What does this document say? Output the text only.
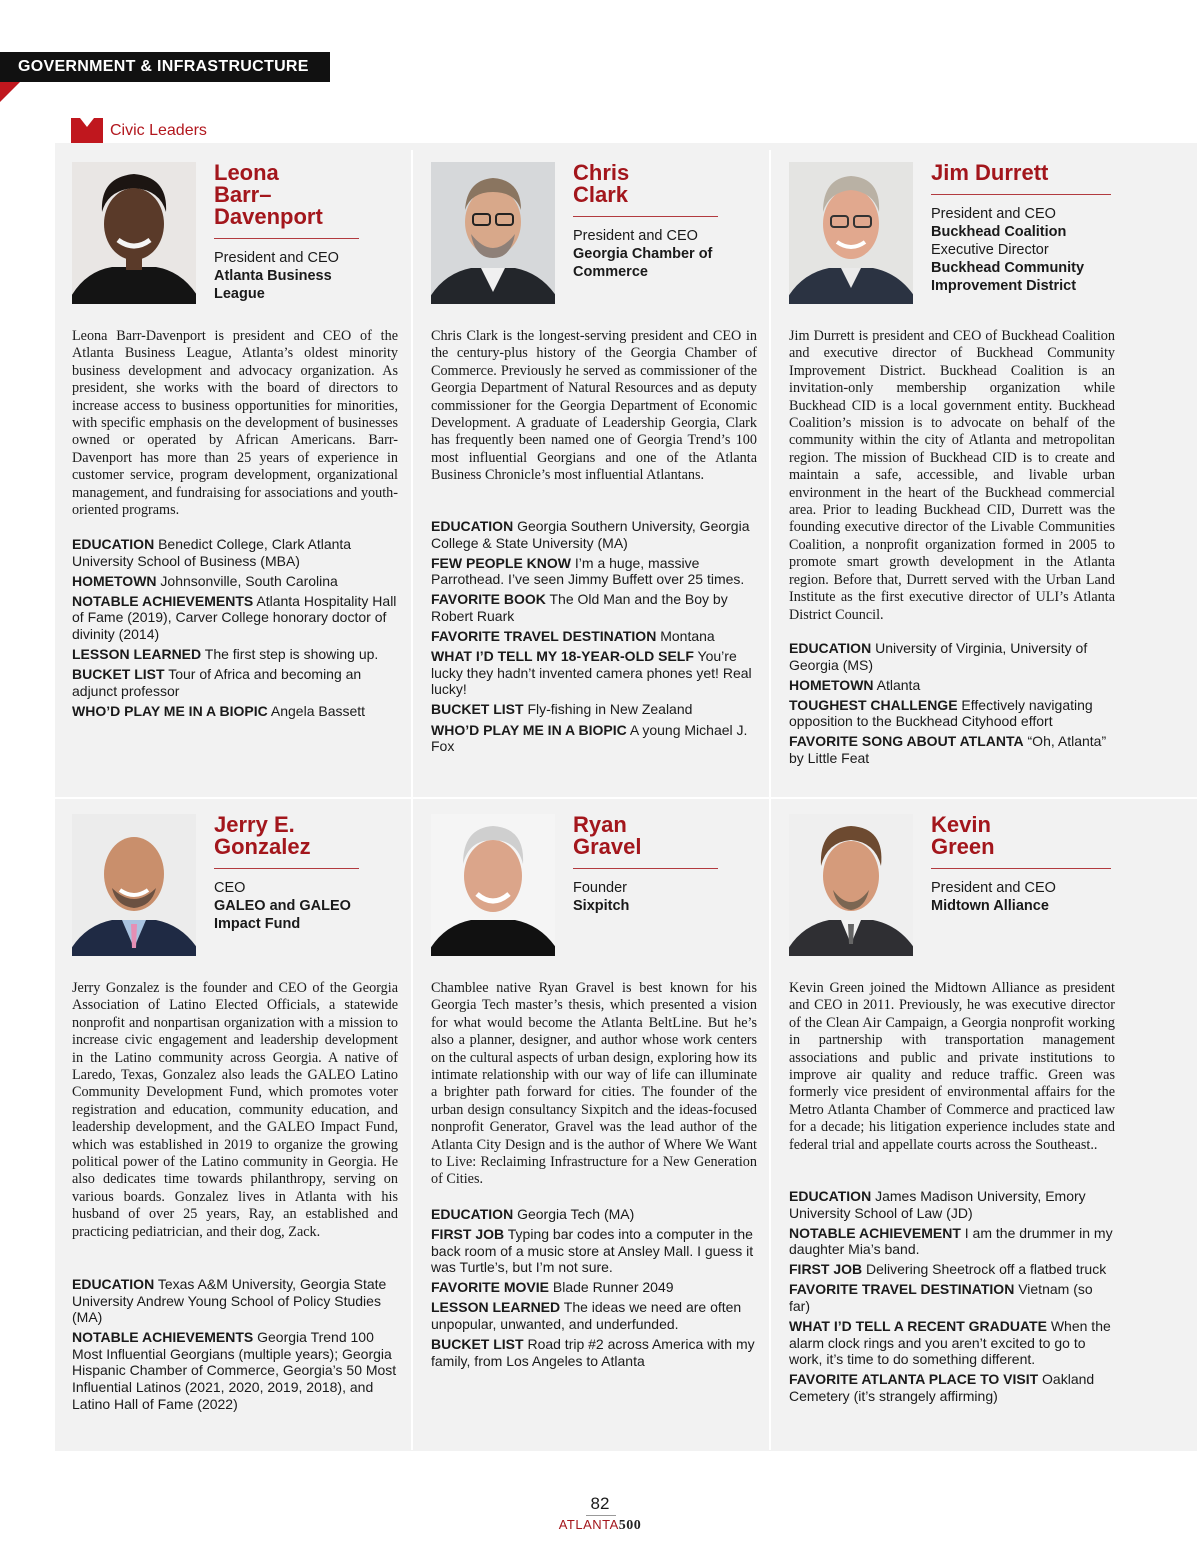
GOVERNMENT & INFRASTRUCTURE
Civic Leaders
Leona
Barr–
Davenport
President and CEO
Atlanta Business League

Leona Barr-Davenport is president and CEO of the Atlanta Business League, Atlanta’s oldest minority business development and advocacy organization. As president, she works with the board of directors to increase access to business opportunities for minorities, with specific emphasis on the development of businesses owned or operated by African Americans. Barr-Davenport has more than 25 years of experience in customer service, program development, organizational management, and fundraising for associations and youth-oriented programs.

EDUCATION Benedict College, Clark Atlanta University School of Business (MBA)

HOMETOWN Johnsonville, South Carolina

NOTABLE ACHIEVEMENTS Atlanta Hospitality Hall of Fame (2019), Carver College honorary doctor of divinity (2014)

LESSON LEARNED The first step is showing up.

BUCKET LIST Tour of Africa and becoming an adjunct professor

WHO’D PLAY ME IN A BIOPIC Angela Bassett

Chris
Clark
President and CEO
Georgia Chamber of Commerce

Chris Clark is the longest-serving president and CEO in the century-plus history of the Georgia Chamber of Commerce. Previously he served as commissioner of the Georgia Department of Natural Resources and as deputy commissioner for the Georgia Department of Economic Development. A graduate of Leadership Georgia, Clark has frequently been named one of Georgia Trend’s 100 most influential Georgians and one of the Atlanta Business Chronicle’s most influential Atlantans.

EDUCATION Georgia Southern University, Georgia College & State University (MA)

FEW PEOPLE KNOW I’m a huge, massive Parrothead. I’ve seen Jimmy Buffett over 25 times.

FAVORITE BOOK The Old Man and the Boy by Robert Ruark

FAVORITE TRAVEL DESTINATION Montana

WHAT I’D TELL MY 18-YEAR-OLD SELF You’re lucky they hadn’t invented camera phones yet! Real lucky!

BUCKET LIST Fly-fishing in New Zealand

WHO’D PLAY ME IN A BIOPIC A young Michael J. Fox

Jim Durrett
President and CEO
Buckhead Coalition
Executive Director
Buckhead Community Improvement District

Jim Durrett is president and CEO of Buckhead Coalition and executive director of Buckhead Community Improvement District. Buckhead Coalition is an invitation-only membership organization while Buckhead CID is a local government entity. Buckhead Coalition’s mission is to advocate on behalf of the community within the city of Atlanta and metropolitan region. The mission of Buckhead CID is to create and maintain a safe, accessible, and livable urban environment in the heart of the Buckhead commercial area. Prior to leading Buckhead CID, Durrett was the founding executive director of the Livable Communities Coalition, a nonprofit organization formed in 2005 to promote smart growth development in the Atlanta region. Before that, Durrett served with the Urban Land Institute as the first executive director of ULI’s Atlanta District Council.

EDUCATION University of Virginia, University of Georgia (MS)

HOMETOWN Atlanta

TOUGHEST CHALLENGE Effectively navigating opposition to the Buckhead Cityhood effort

FAVORITE SONG ABOUT ATLANTA “Oh, Atlanta” by Little Feat

Jerry E.
Gonzalez
CEO
GALEO and GALEO Impact Fund

Jerry Gonzalez is the founder and CEO of the Georgia Association of Latino Elected Officials, a statewide nonprofit and nonpartisan organization with a mission to increase civic engagement and leadership development in the Latino community across Georgia. A native of Laredo, Texas, Gonzalez also leads the GALEO Latino Community Development Fund, which promotes voter registration and education, community education, and leadership development, and the GALEO Impact Fund, which was established in 2019 to organize the growing political power of the Latino community in Georgia. He also dedicates time towards philanthropy, serving on various boards. Gonzalez lives in Atlanta with his husband of over 25 years, Ray, an established and practicing pediatrician, and their dog, Zack.

EDUCATION Texas A&M University, Georgia State University Andrew Young School of Policy Studies (MA)

NOTABLE ACHIEVEMENTS Georgia Trend 100 Most Influential Georgians (multiple years); Georgia Hispanic Chamber of Commerce, Georgia’s 50 Most Influential Latinos (2021, 2020, 2019, 2018), and Latino Hall of Fame (2022)

Ryan
Gravel
Founder
Sixpitch

Chamblee native Ryan Gravel is best known for his Georgia Tech master’s thesis, which presented a vision for what would become the Atlanta BeltLine. But he’s also a planner, designer, and author whose work centers on the cultural aspects of urban design, exploring how its intimate relationship with our way of life can illuminate a brighter path forward for cities. The founder of the urban design consultancy Sixpitch and the ideas-focused nonprofit Generator, Gravel was the lead author of the Atlanta City Design and is the author of Where We Want to Live: Reclaiming Infrastructure for a New Generation of Cities.

EDUCATION Georgia Tech (MA)

FIRST JOB Typing bar codes into a computer in the back room of a music store at Ansley Mall. I guess it was Turtle’s, but I’m not sure.

FAVORITE MOVIE Blade Runner 2049

LESSON LEARNED The ideas we need are often unpopular, unwanted, and underfunded.

BUCKET LIST Road trip #2 across America with my family, from Los Angeles to Atlanta

Kevin
Green
President and CEO
Midtown Alliance

Kevin Green joined the Midtown Alliance as president and CEO in 2011. Previously, he was executive director of the Clean Air Campaign, a Georgia nonprofit working in partnership with transportation management associations and public and private institutions to improve air quality and reduce traffic. Green was formerly vice president of environmental affairs for the Metro Atlanta Chamber of Commerce and practiced law for a decade; his litigation experience includes state and federal trial and appellate courts across the Southeast..

EDUCATION James Madison University, Emory University School of Law (JD)

NOTABLE ACHIEVEMENT I am the drummer in my daughter Mia’s band.

FIRST JOB Delivering Sheetrock off a flatbed truck

FAVORITE TRAVEL DESTINATION Vietnam (so far)

WHAT I’D TELL A RECENT GRADUATE When the alarm clock rings and you aren’t excited to go to work, it’s time to do something different.

FAVORITE ATLANTA PLACE TO VISIT Oakland Cemetery (it’s strangely affirming)

82
ATLANTA500
